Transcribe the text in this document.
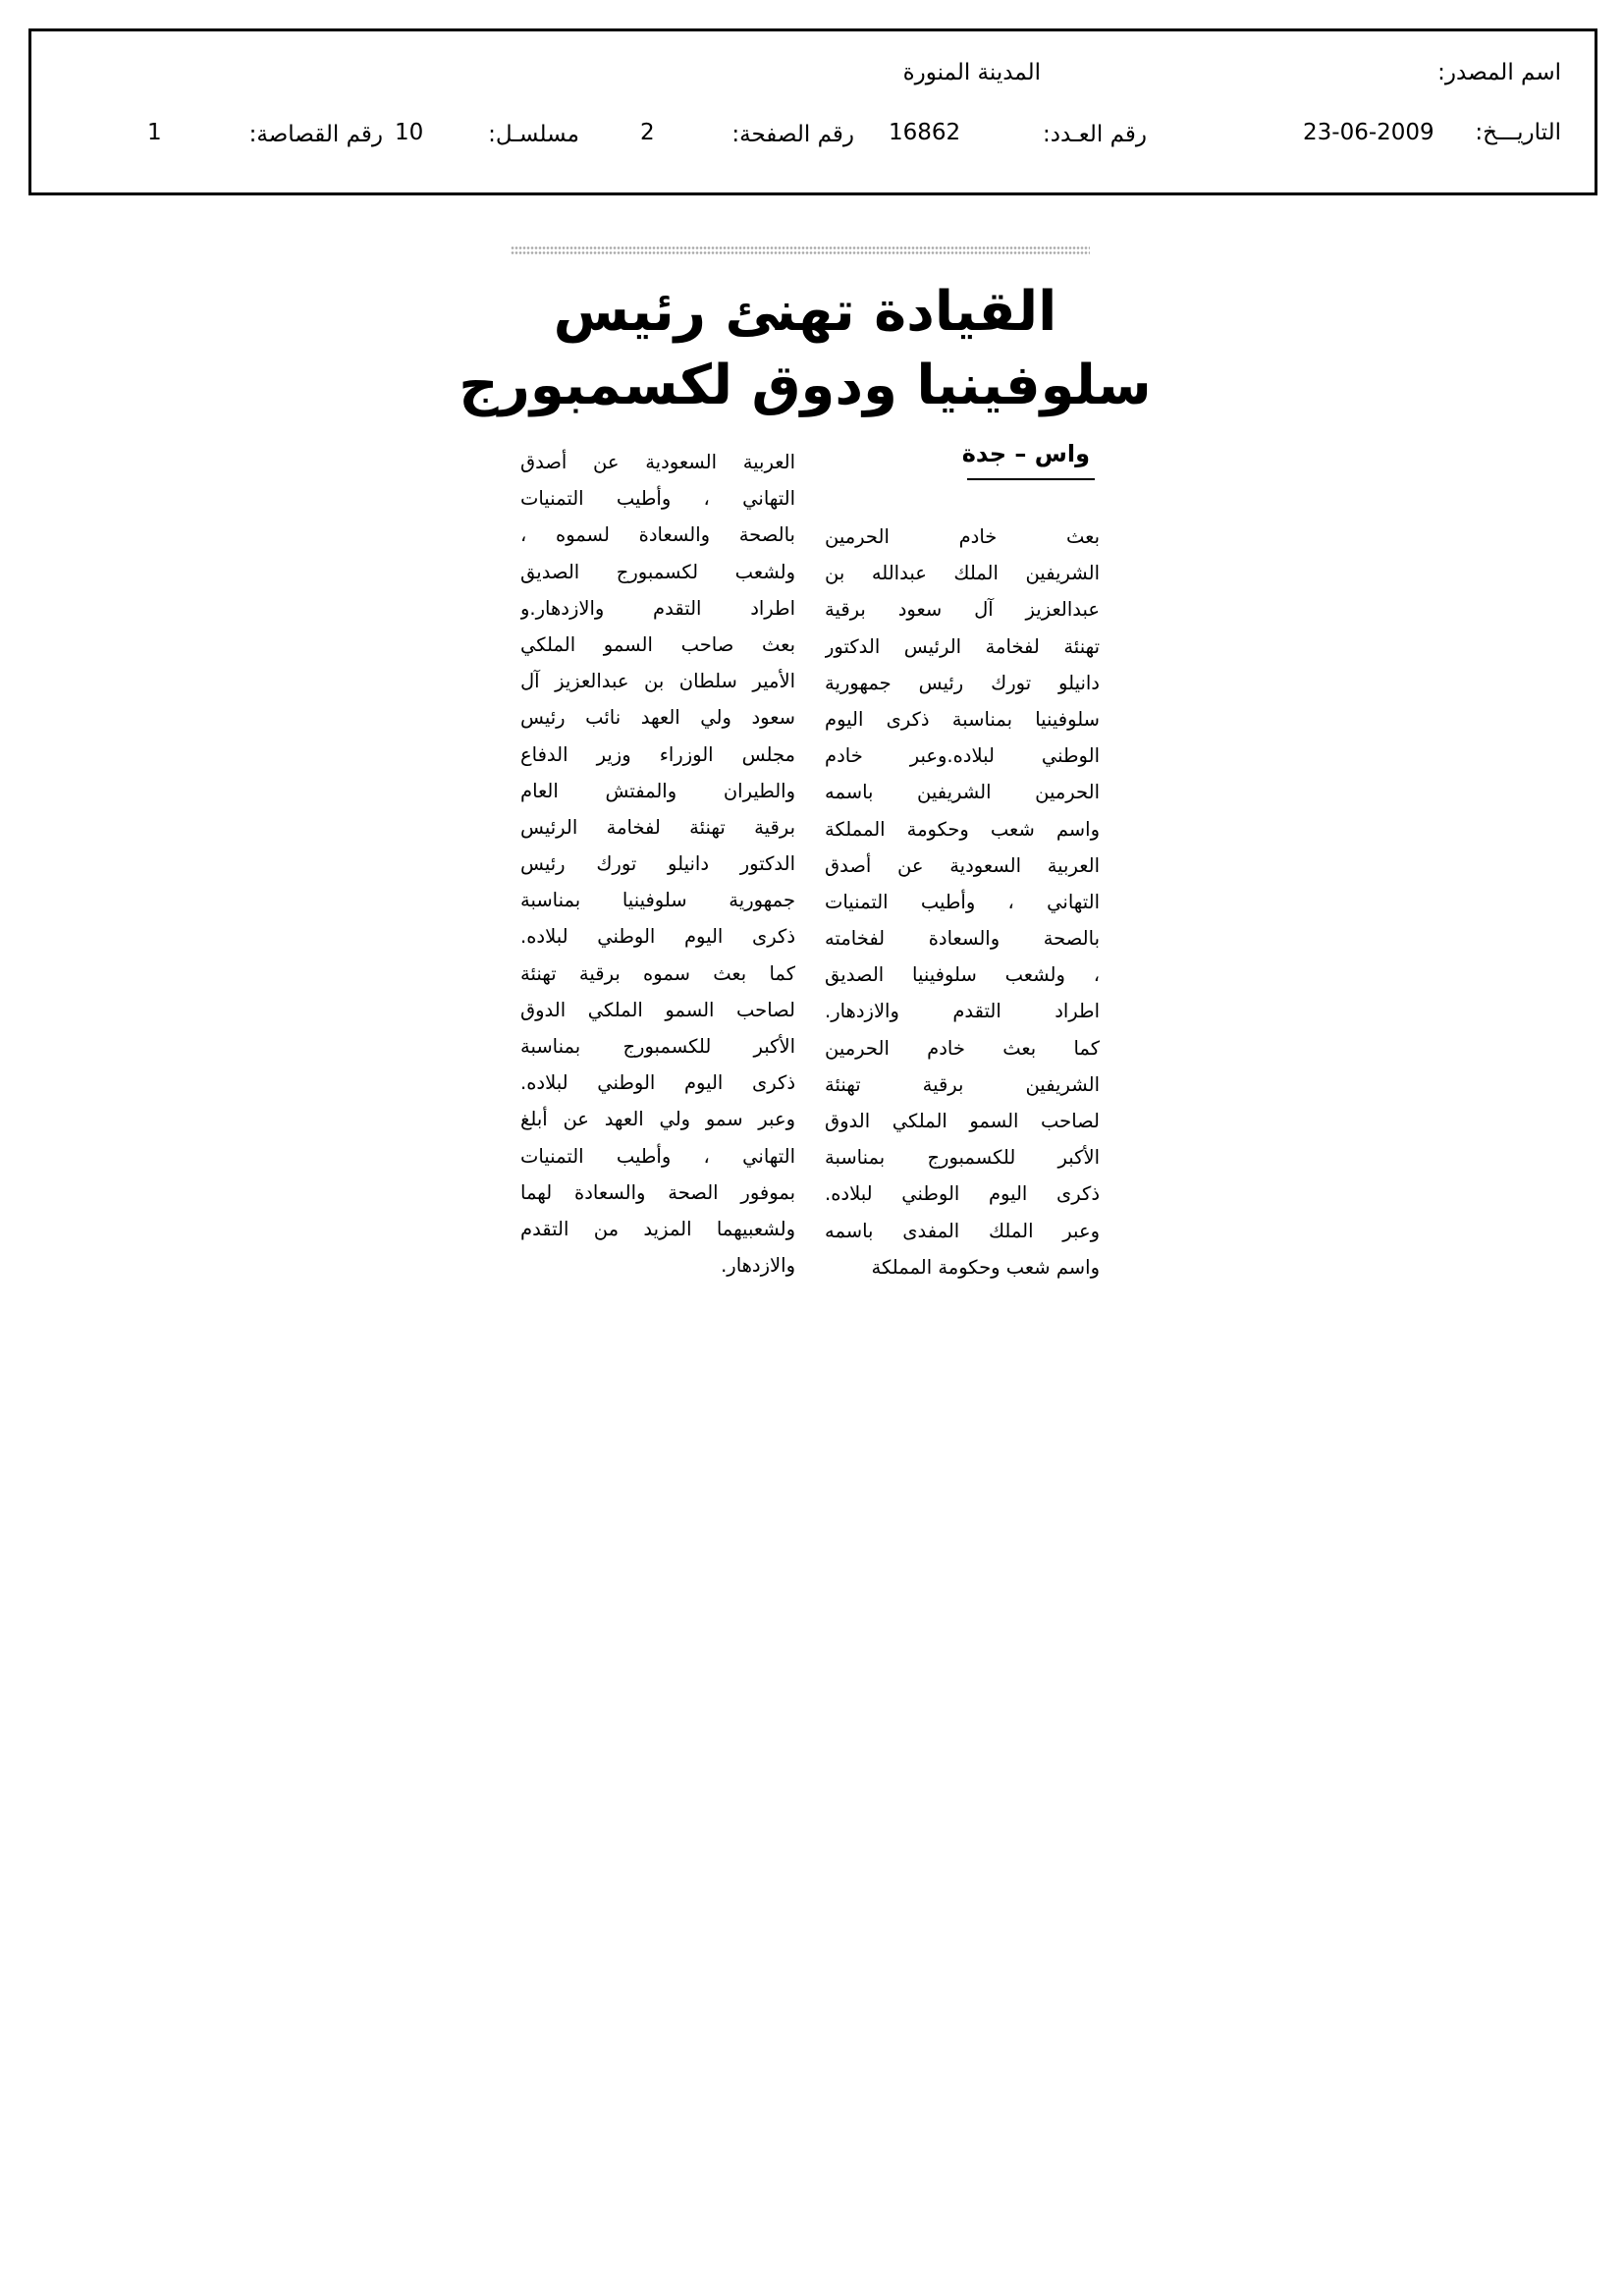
اسم المصدر:
المدينة المنورة
التاريـــخ:
23-06-2009
رقم العـدد:
16862
رقم الصفحة:
2
مسلسـل:
10
رقم القصاصة:
1
القيادة تهنئ رئيس
سلوفينيا ودوق لكسمبورج
واس – جدة
بعث خادم الحرمين
الشريفين الملك عبدالله بن
عبدالعزيز آل سعود برقية
تهنئة لفخامة الرئيس الدكتور
دانيلو تورك رئيس جمهورية
سلوفينيا بمناسبة ذكرى اليوم
الوطني لبلاده.وعبر خادم
الحرمين الشريفين باسمه
واسم شعب وحكومة المملكة
العربية السعودية عن أصدق
التهاني ، وأطيب التمنيات
بالصحة والسعادة لفخامته
، ولشعب سلوفينيا الصديق
اطراد التقدم والازدهار.
كما بعث خادم الحرمين
الشريفين برقية تهنئة
لصاحب السمو الملكي الدوق
الأكبر للكسمبورج بمناسبة
ذكرى اليوم الوطني لبلاده.
وعبر الملك المفدى باسمه
واسم شعب وحكومة المملكة
العربية السعودية عن أصدق
التهاني ، وأطيب التمنيات
بالصحة والسعادة لسموه ،
ولشعب لكسمبورج الصديق
اطراد التقدم والازدهار.و
بعث صاحب السمو الملكي
الأمير سلطان بن عبدالعزيز آل
سعود ولي العهد نائب رئيس
مجلس الوزراء وزير الدفاع
والطيران والمفتش العام
برقية تهنئة لفخامة الرئيس
الدكتور دانيلو تورك رئيس
جمهورية سلوفينيا بمناسبة
ذكرى اليوم الوطني لبلاده.
كما بعث سموه برقية تهنئة
لصاحب السمو الملكي الدوق
الأكبر للكسمبورج بمناسبة
ذكرى اليوم الوطني لبلاده.
وعبر سمو ولي العهد عن أبلغ
التهاني ، وأطيب التمنيات
بموفور الصحة والسعادة لهما
ولشعبيهما المزيد من التقدم
والازدهار.
